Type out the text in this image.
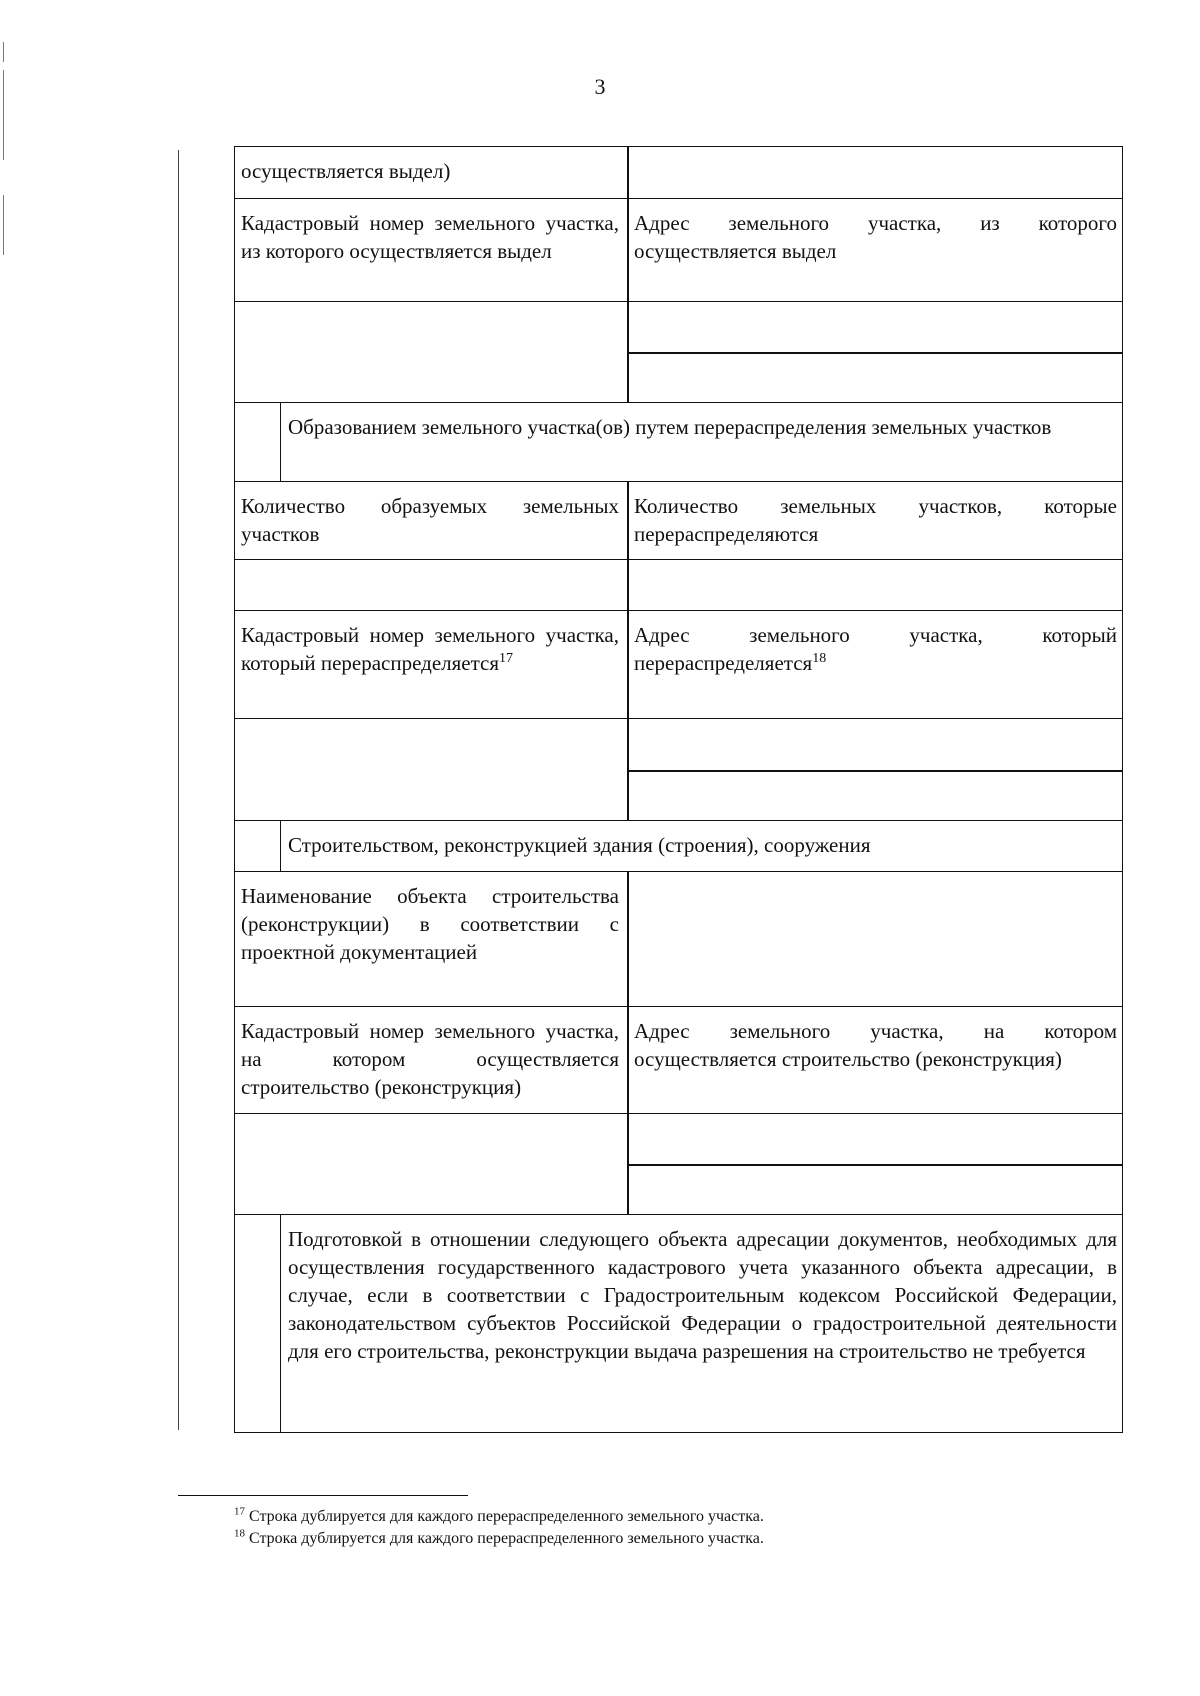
3
осуществляется выдел)
Кадастровый номер земельного участка, из которого осуществляется выдел
Адрес земельного участка, из которого осуществляется выдел
Образованием земельного участка(ов) путем перераспределения земельных участков
Количество образуемых земельных участков
Количество земельных участков, которые перераспределяются
Кадастровый номер земельного участка, который перераспределяется$^{17}$
Адрес земельного участка, который перераспределяется$^{18}$
Строительством, реконструкцией здания (строения), сооружения
Наименование объекта строительства (реконструкции) в соответствии с проектной документацией
Кадастровый номер земельного участка, на котором осуществляется строительство (реконструкция)
Адрес земельного участка, на котором осуществляется строительство (реконструкция)
Подготовкой в отношении следующего объекта адресации документов, необходимых для осуществления государственного кадастрового учета указанного объекта адресации, в случае, если в соответствии с Градостроительным кодексом Российской Федерации, законодательством субъектов Российской Федерации о градостроительной деятельности для его строительства, реконструкции выдача разрешения на строительство не требуется
$^{17}$ Строка дублируется для каждого перераспределенного земельного участка.
$^{18}$ Строка дублируется для каждого перераспределенного земельного участка.
